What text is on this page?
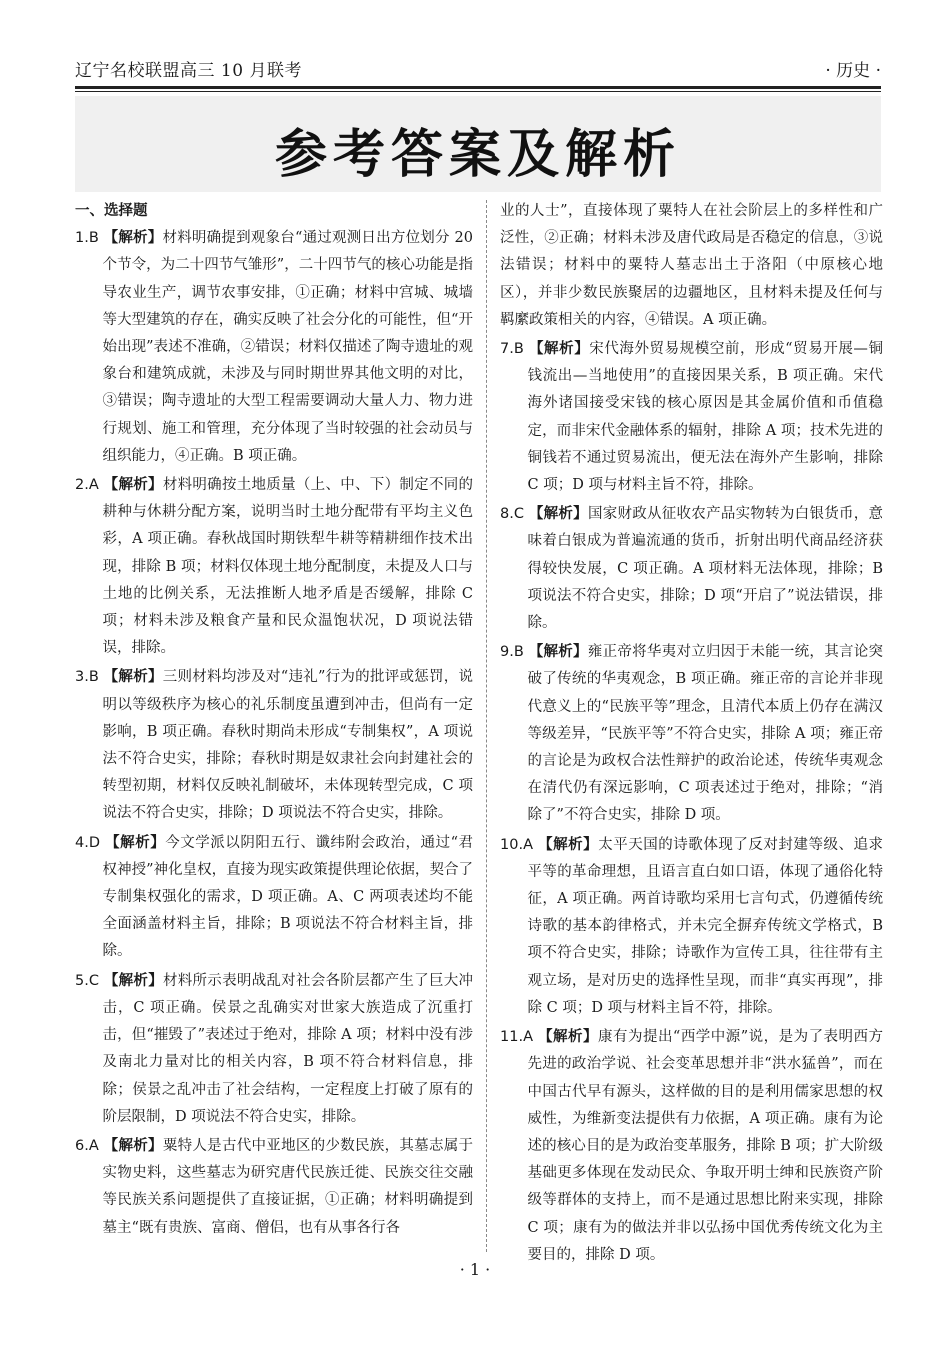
辽宁名校联盟高三 10 月联考	· 历史 ·
参考答案及解析
一、选择题

1.B 【解析】材料明确提到观象台“通过观测日出方位划分 20 个节令，为二十四节气雏形”，二十四节气的核心功能是指导农业生产，调节农事安排，①正确；材料中宫城、城墙等大型建筑的存在，确实反映了社会分化的可能性，但“开始出现”表述不准确，②错误；材料仅描述了陶寺遗址的观象台和建筑成就，未涉及与同时期世界其他文明的对比，③错误；陶寺遗址的大型工程需要调动大量人力、物力进行规划、施工和管理，充分体现了当时较强的社会动员与组织能力，④正确。B 项正确。

2.A 【解析】材料明确按土地质量（上、中、下）制定不同的耕种与休耕分配方案，说明当时土地分配带有平均主义色彩，A 项正确。春秋战国时期铁犁牛耕等精耕细作技术出现，排除 B 项；材料仅体现土地分配制度，未提及人口与土地的比例关系，无法推断人地矛盾是否缓解，排除 C 项；材料未涉及粮食产量和民众温饱状况，D 项说法错误，排除。

3.B 【解析】三则材料均涉及对“违礼”行为的批评或惩罚，说明以等级秩序为核心的礼乐制度虽遭到冲击，但尚有一定影响，B 项正确。春秋时期尚未形成“专制集权”，A 项说法不符合史实，排除；春秋时期是奴隶社会向封建社会的转型初期，材料仅反映礼制破坏，未体现转型完成，C 项说法不符合史实，排除；D 项说法不符合史实，排除。

4.D 【解析】今文学派以阴阳五行、谶纬附会政治，通过“君权神授”神化皇权，直接为现实政策提供理论依据，契合了专制集权强化的需求，D 项正确。A、C 两项表述均不能全面涵盖材料主旨，排除；B 项说法不符合材料主旨，排除。

5.C 【解析】材料所示表明战乱对社会各阶层都产生了巨大冲击，C 项正确。侯景之乱确实对世家大族造成了沉重打击，但“摧毁了”表述过于绝对，排除 A 项；材料中没有涉及南北力量对比的相关内容，B 项不符合材料信息，排除；侯景之乱冲击了社会结构，一定程度上打破了原有的阶层限制，D 项说法不符合史实，排除。

6.A 【解析】粟特人是古代中亚地区的少数民族，其墓志属于实物史料，这些墓志为研究唐代民族迁徙、民族交往交融等民族关系问题提供了直接证据，①正确；材料明确提到墓主“既有贵族、富商、僧侣，也有从事各行各

业的人士”，直接体现了粟特人在社会阶层上的多样性和广泛性，②正确；材料未涉及唐代政局是否稳定的信息，③说法错误；材料中的粟特人墓志出土于洛阳（中原核心地区），并非少数民族聚居的边疆地区，且材料未提及任何与羁縻政策相关的内容，④错误。A 项正确。

7.B 【解析】宋代海外贸易规模空前，形成“贸易开展—铜钱流出—当地使用”的直接因果关系，B 项正确。宋代海外诸国接受宋钱的核心原因是其金属价值和币值稳定，而非宋代金融体系的辐射，排除 A 项；技术先进的铜钱若不通过贸易流出，便无法在海外产生影响，排除 C 项；D 项与材料主旨不符，排除。

8.C 【解析】国家财政从征收农产品实物转为白银货币，意味着白银成为普遍流通的货币，折射出明代商品经济获得较快发展，C 项正确。A 项材料无法体现，排除；B 项说法不符合史实，排除；D 项“开启了”说法错误，排除。

9.B 【解析】雍正帝将华夷对立归因于未能一统，其言论突破了传统的华夷观念，B 项正确。雍正帝的言论并非现代意义上的“民族平等”理念，且清代本质上仍存在满汉等级差异，“民族平等”不符合史实，排除 A 项；雍正帝的言论是为政权合法性辩护的政治论述，传统华夷观念在清代仍有深远影响，C 项表述过于绝对，排除；“消除了”不符合史实，排除 D 项。

10.A 【解析】太平天国的诗歌体现了反对封建等级、追求平等的革命理想，且语言直白如口语，体现了通俗化特征，A 项正确。两首诗歌均采用七言句式，仍遵循传统诗歌的基本韵律格式，并未完全摒弃传统文学格式，B 项不符合史实，排除；诗歌作为宣传工具，往往带有主观立场，是对历史的选择性呈现，而非“真实再现”，排除 C 项；D 项与材料主旨不符，排除。

11.A 【解析】康有为提出“西学中源”说，是为了表明西方先进的政治学说、社会变革思想并非“洪水猛兽”，而在中国古代早有源头，这样做的目的是利用儒家思想的权威性，为维新变法提供有力依据，A 项正确。康有为论述的核心目的是为政治变革服务，排除 B 项；扩大阶级基础更多体现在发动民众、争取开明士绅和民族资产阶级等群体的支持上，而不是通过思想比附来实现，排除 C 项；康有为的做法并非以弘扬中国优秀传统文化为主要目的，排除 D 项。

· 1 ·
